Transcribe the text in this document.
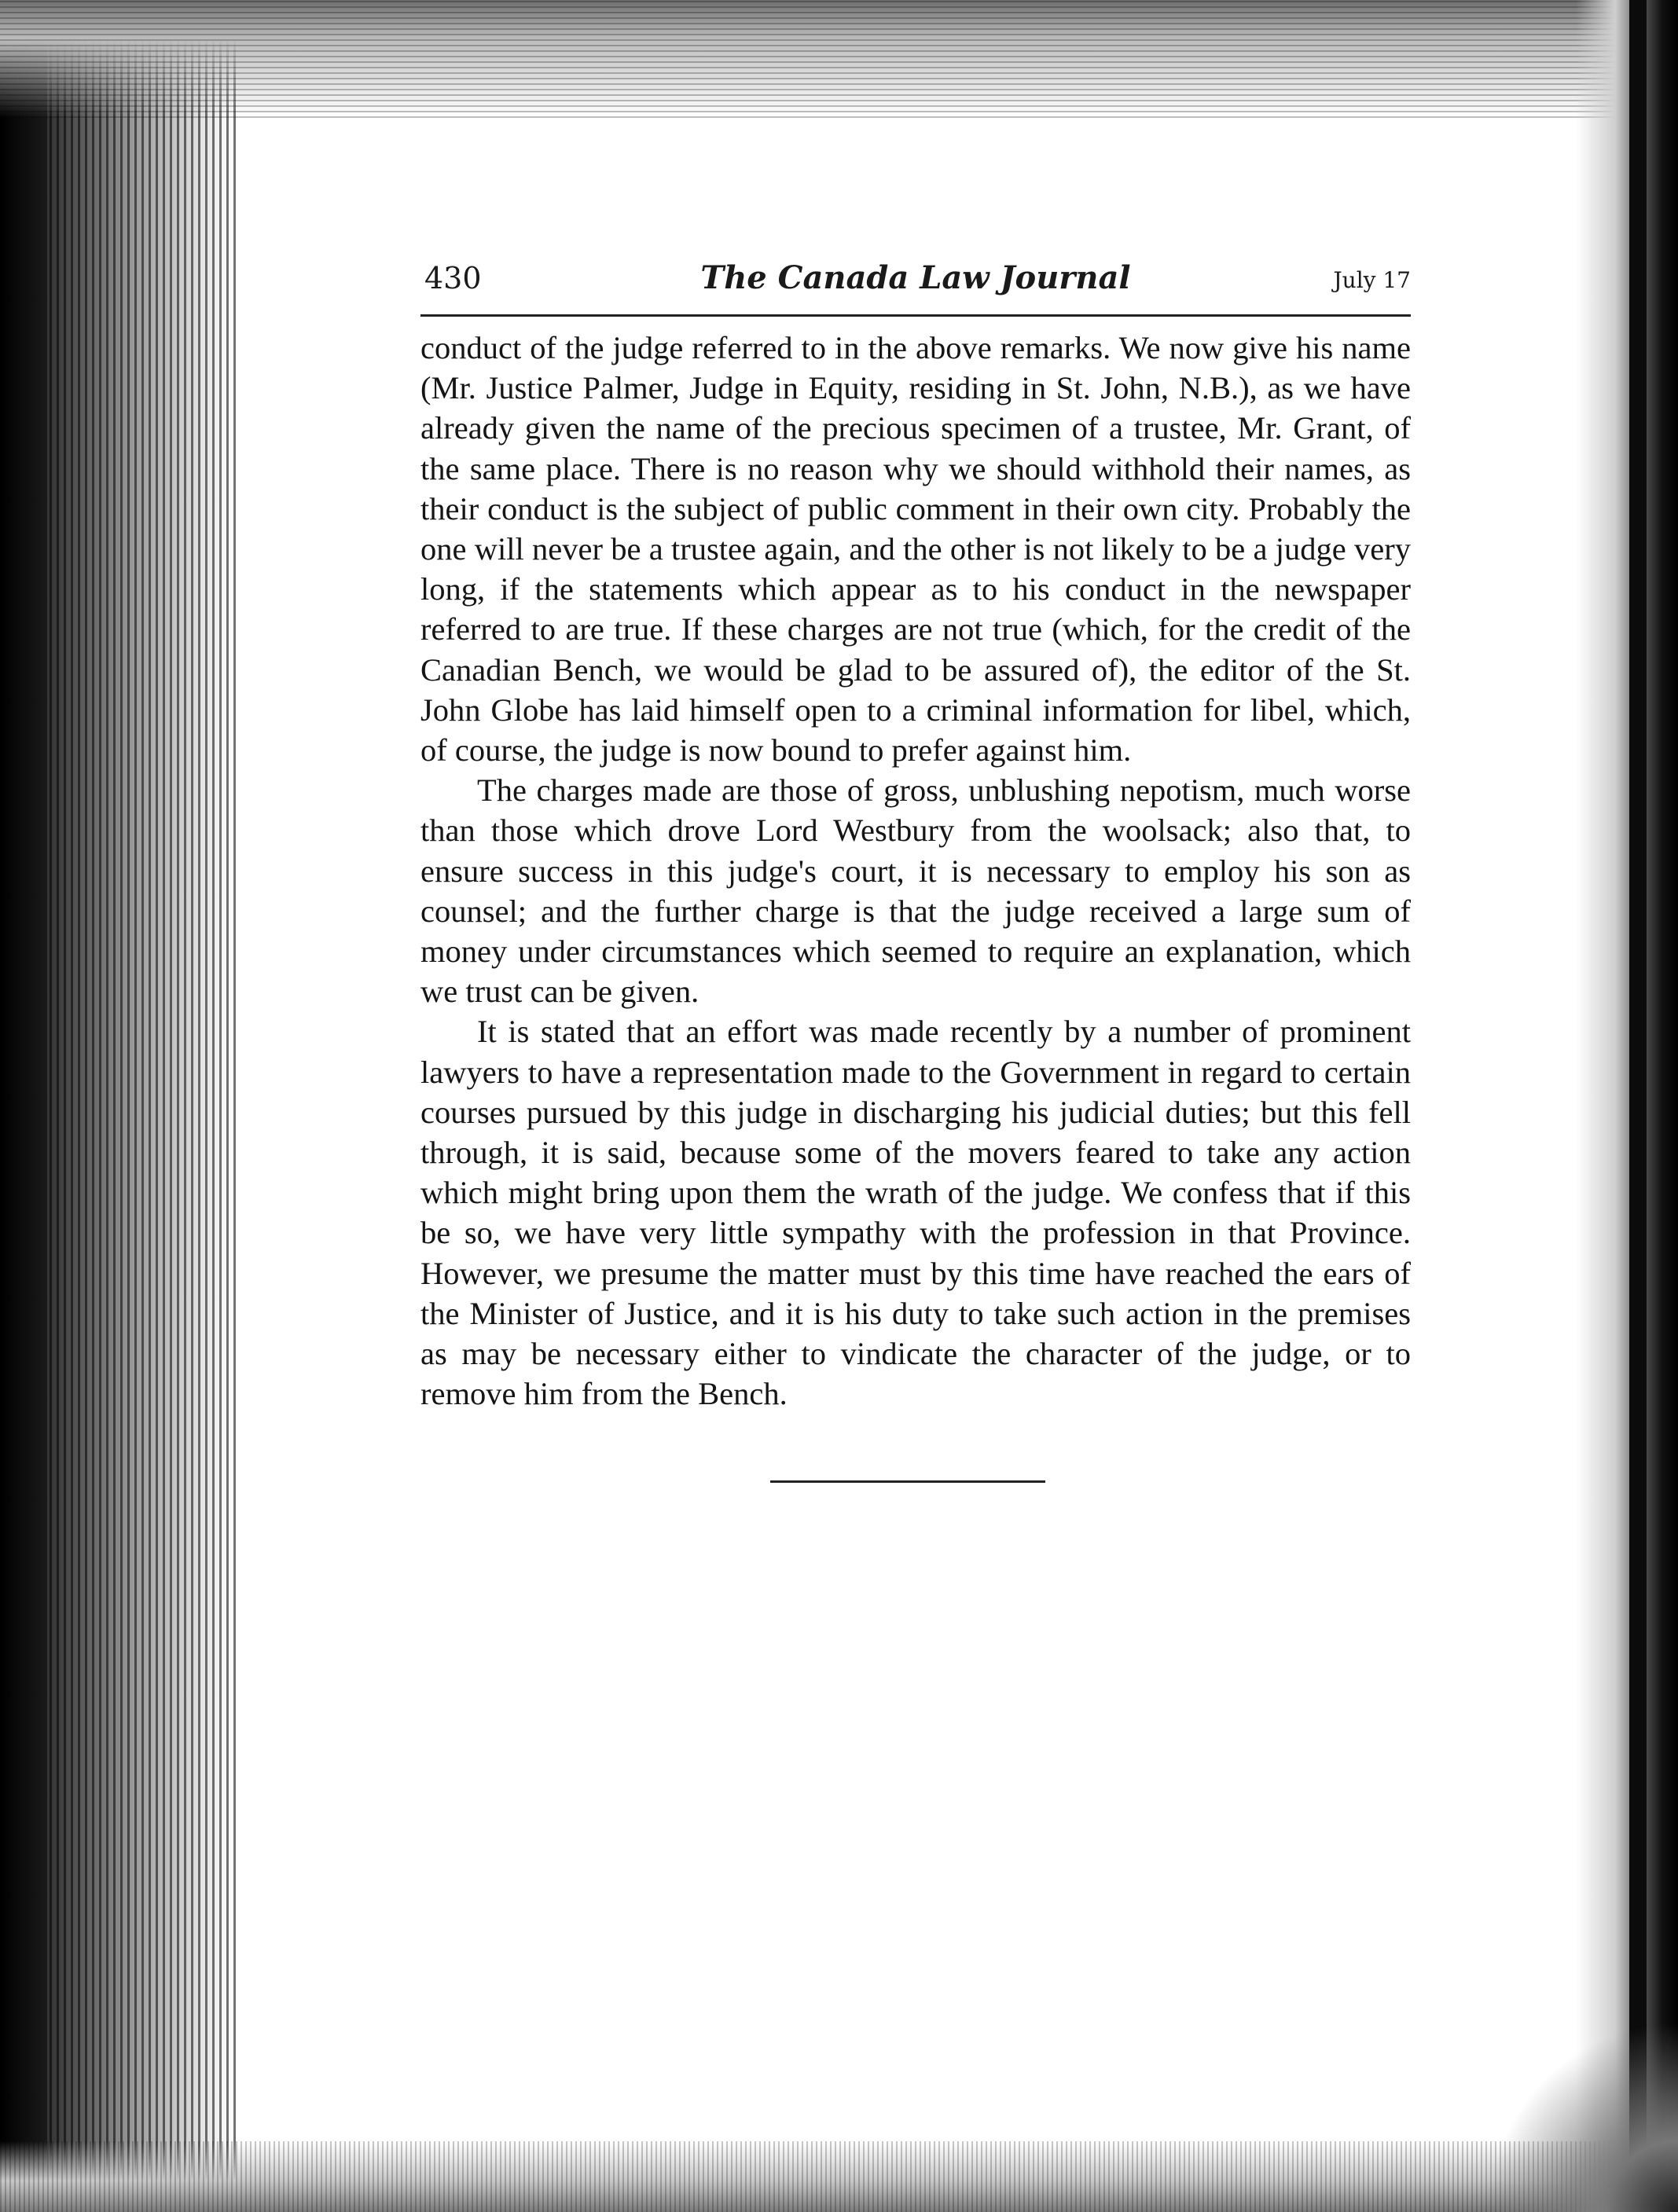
430	The Canada Law Journal	July 17

conduct of the judge referred to in the above remarks. We now give his name (Mr. Justice Palmer, Judge in Equity, residing in St. John, N.B.), as we have already given the name of the precious specimen of a trustee, Mr. Grant, of the same place. There is no reason why we should withhold their names, as their conduct is the subject of public comment in their own city. Probably the one will never be a trustee again, and the other is not likely to be a judge very long, if the statements which appear as to his conduct in the newspaper referred to are true. If these charges are not true (which, for the credit of the Canadian Bench, we would be glad to be assured of), the editor of the St. John Globe has laid himself open to a criminal information for libel, which, of course, the judge is now bound to prefer against him.

The charges made are those of gross, unblushing nepotism, much worse than those which drove Lord Westbury from the woolsack; also that, to ensure success in this judge's court, it is necessary to employ his son as counsel; and the further charge is that the judge received a large sum of money under circumstances which seemed to require an explanation, which we trust can be given.

It is stated that an effort was made recently by a number of prominent lawyers to have a representation made to the Government in regard to certain courses pursued by this judge in discharging his judicial duties; but this fell through, it is said, because some of the movers feared to take any action which might bring upon them the wrath of the judge. We confess that if this be so, we have very little sympathy with the profession in that Province. However, we presume the matter must by this time have reached the ears of the Minister of Justice, and it is his duty to take such action in the premises as may be necessary either to vindicate the character of the judge, or to remove him from the Bench.
